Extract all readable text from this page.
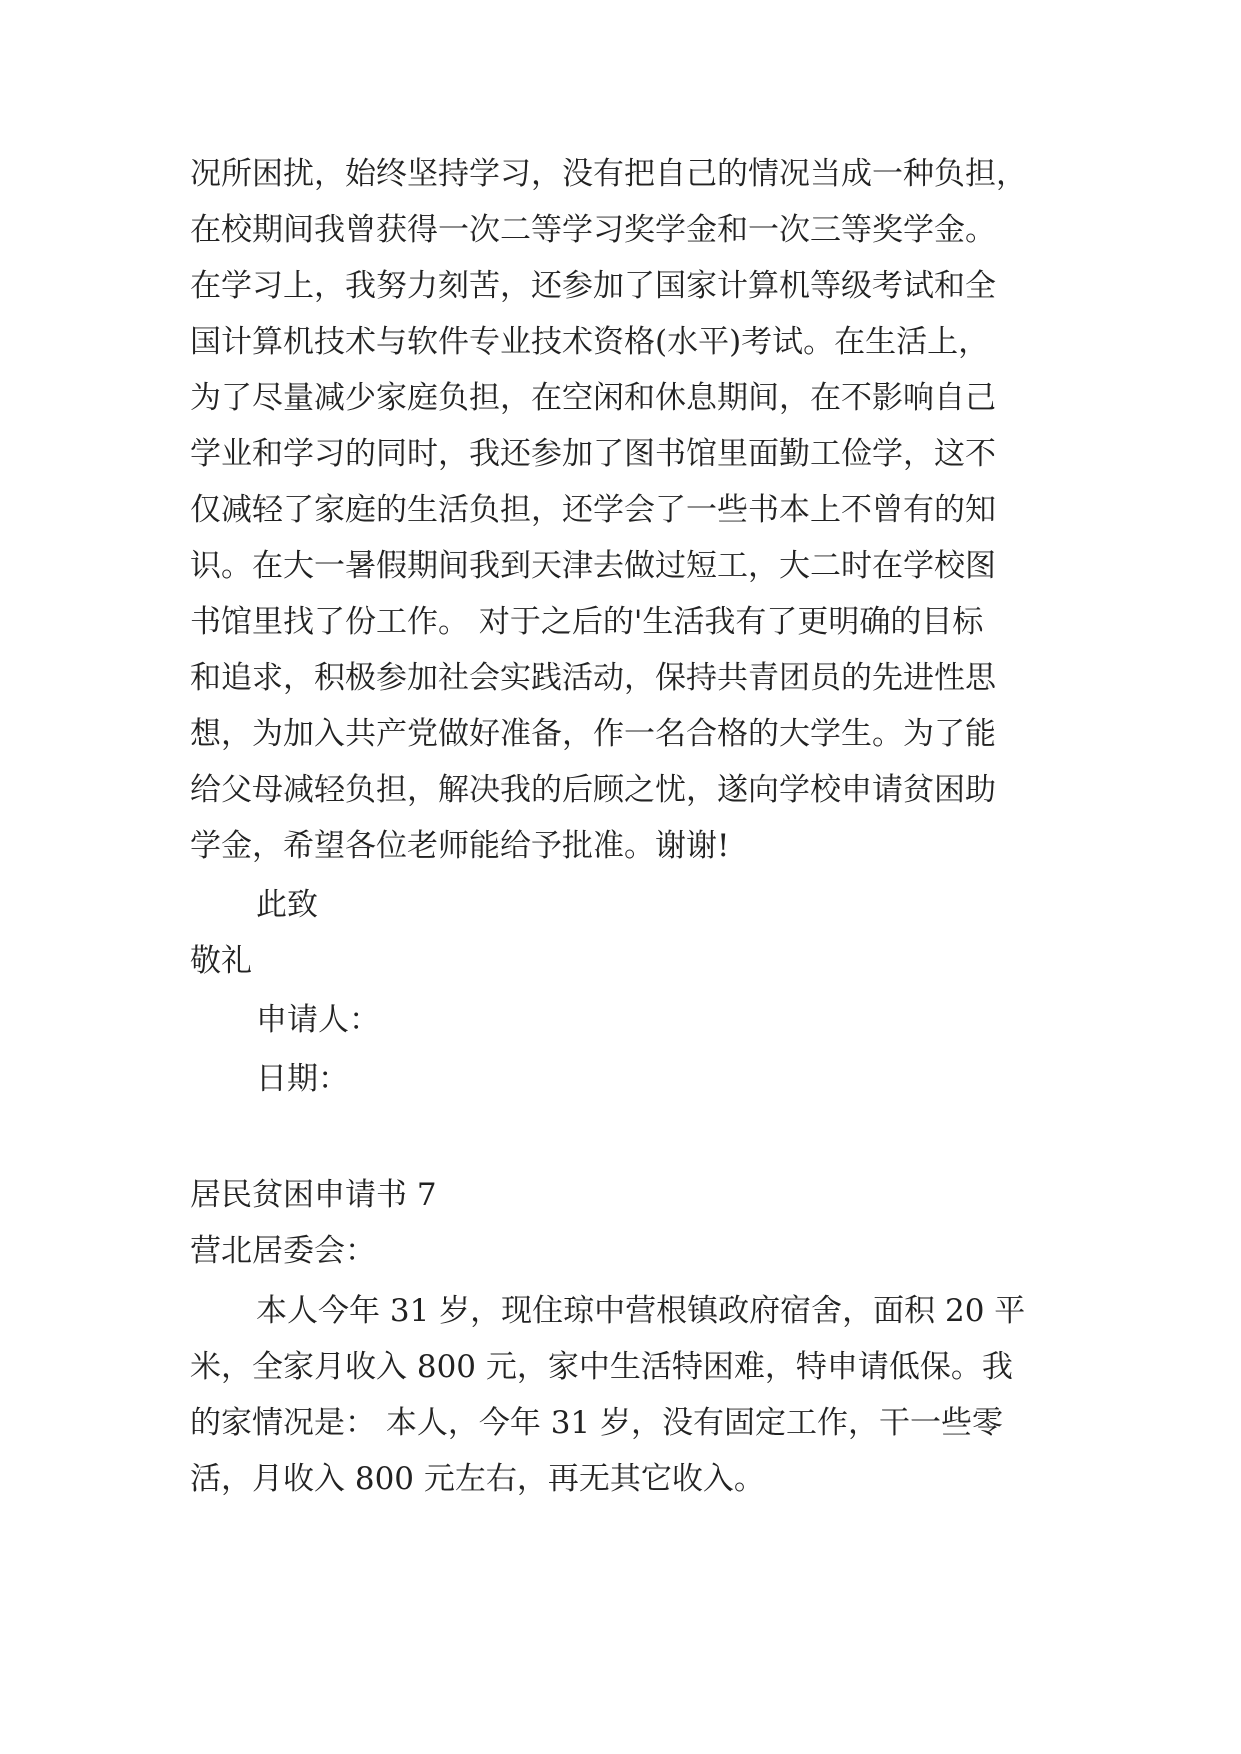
况所困扰，始终坚持学习，没有把自己的情况当成一种负担，
在校期间我曾获得一次二等学习奖学金和一次三等奖学金。
在学习上，我努力刻苦，还参加了国家计算机等级考试和全
国计算机技术与软件专业技术资格(水平)考试。在生活上，
为了尽量减少家庭负担，在空闲和休息期间，在不影响自己
学业和学习的同时，我还参加了图书馆里面勤工俭学，这不
仅减轻了家庭的生活负担，还学会了一些书本上不曾有的知
识。在大一暑假期间我到天津去做过短工，大二时在学校图
书馆里找了份工作。 对于之后的'生活我有了更明确的目标
和追求，积极参加社会实践活动，保持共青团员的先进性思
想，为加入共产党做好准备，作一名合格的大学生。为了能
给父母减轻负担，解决我的后顾之忧，遂向学校申请贫困助
学金，希望各位老师能给予批准。谢谢!
此致
敬礼
申请人：
日期：
居民贫困申请书 7
营北居委会：
本人今年 31 岁，现住琼中营根镇政府宿舍，面积 20 平
米，全家月收入 800 元，家中生活特困难，特申请低保。我
的家情况是： 本人，今年 31 岁，没有固定工作，干一些零
活，月收入 800 元左右，再无其它收入。
